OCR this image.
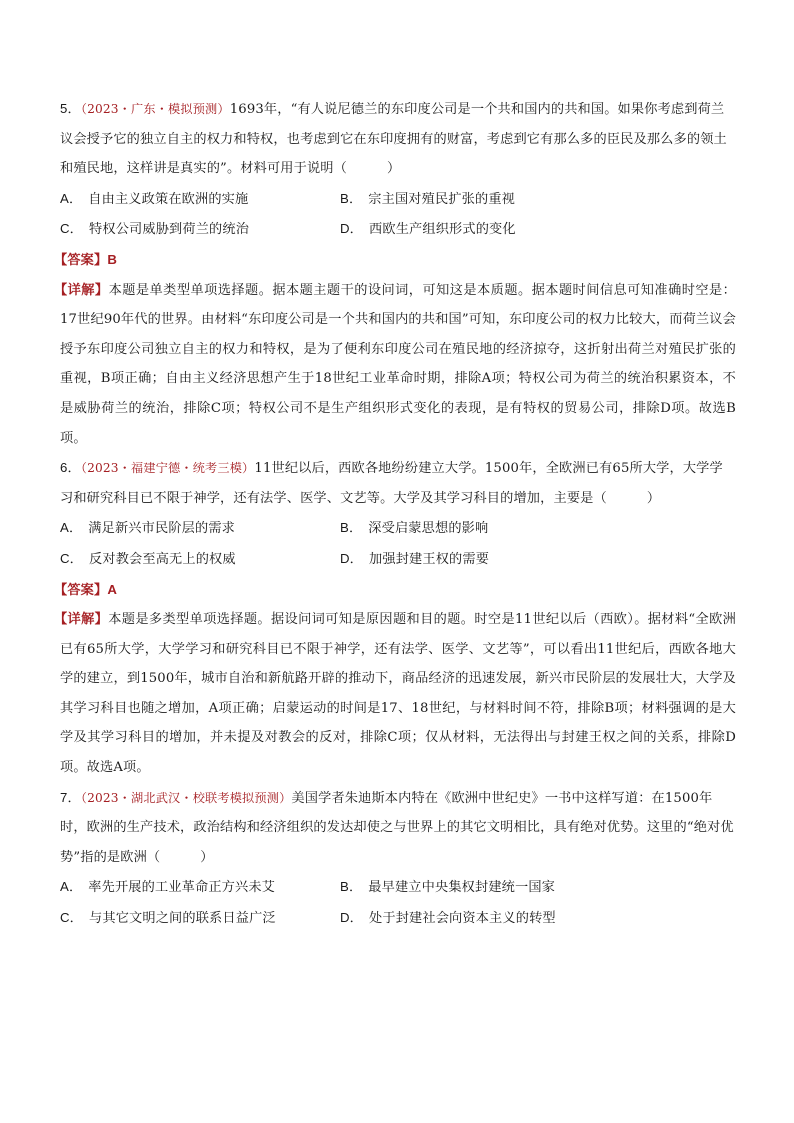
5．（2023・广东・模拟预测）1693年，“有人说尼德兰的东印度公司是一个共和国内的共和国。如果你考虑到荷兰议会授予它的独立自主的权力和特权，也考虑到它在东印度拥有的财富，考虑到它有那么多的臣民及那么多的领土和殖民地，这样讲是真实的”。材料可用于说明（　　　）

A． 自由主义政策在欧洲的实施	B． 宗主国对殖民扩张的重视
C． 特权公司威胁到荷兰的统治	D． 西欧生产组织形式的变化

【答案】B

【详解】本题是单类型单项选择题。据本题主题干的设问词，可知这是本质题。据本题时间信息可知准确时空是：17世纪90年代的世界。由材料“东印度公司是一个共和国内的共和国”可知，东印度公司的权力比较大，而荷兰议会授予东印度公司独立自主的权力和特权，是为了便利东印度公司在殖民地的经济掠夺，这折射出荷兰对殖民扩张的重视，B项正确；自由主义经济思想产生于18世纪工业革命时期，排除A项；特权公司为荷兰的统治积累资本，不是威胁荷兰的统治，排除C项；特权公司不是生产组织形式变化的表现，是有特权的贸易公司，排除D项。故选B项。

6．（2023・福建宁德・统考三模）11世纪以后，西欧各地纷纷建立大学。1500年，全欧洲已有65所大学，大学学习和研究科目已不限于神学，还有法学、医学、文艺等。大学及其学习科目的增加，主要是（　　　）

A． 满足新兴市民阶层的需求	B． 深受启蒙思想的影响
C． 反对教会至高无上的权威	D． 加强封建王权的需要

【答案】A

【详解】本题是多类型单项选择题。据设问词可知是原因题和目的题。时空是11世纪以后（西欧）。据材料“全欧洲已有65所大学，大学学习和研究科目已不限于神学，还有法学、医学、文艺等”，可以看出11世纪后，西欧各地大学的建立，到1500年，城市自治和新航路开辟的推动下，商品经济的迅速发展，新兴市民阶层的发展壮大，大学及其学习科目也随之增加，A项正确；启蒙运动的时间是17、18世纪，与材料时间不符，排除B项；材料强调的是大学及其学习科目的增加，并未提及对教会的反对，排除C项；仅从材料，无法得出与封建王权之间的关系，排除D项。故选A项。

7．（2023・湖北武汉・校联考模拟预测）美国学者朱迪斯本内特在《欧洲中世纪史》一书中这样写道：在1500年时，欧洲的生产技术，政治结构和经济组织的发达却使之与世界上的其它文明相比，具有绝对优势。这里的“绝对优势”指的是欧洲（　　　）

A． 率先开展的工业革命正方兴未艾	B． 最早建立中央集权封建统一国家
C． 与其它文明之间的联系日益广泛	D． 处于封建社会向资本主义的转型
